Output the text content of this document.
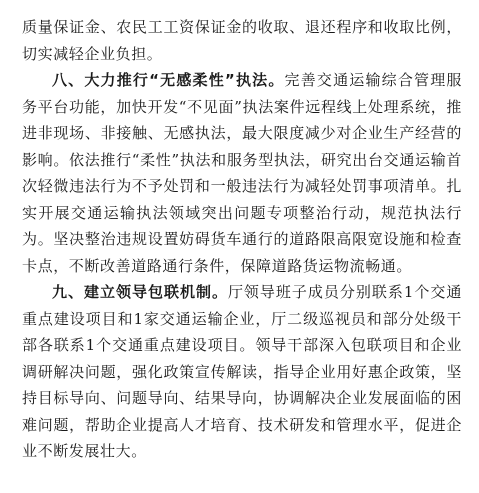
质量保证金、农民工工资保证金的收取、退还程序和收取比例，切实减轻企业负担。

八、大力推行“无感柔性”执法。完善交通运输综合管理服务平台功能，加快开发“不见面”执法案件远程线上处理系统，推进非现场、非接触、无感执法，最大限度减少对企业生产经营的影响。依法推行“柔性”执法和服务型执法，研究出台交通运输首次轻微违法行为不予处罚和一般违法行为减轻处罚事项清单。扎实开展交通运输执法领域突出问题专项整治行动，规范执法行为。坚决整治违规设置妨碍货车通行的道路限高限宽设施和检查卡点，不断改善道路通行条件，保障道路货运物流畅通。

九、建立领导包联机制。厅领导班子成员分别联系1个交通重点建设项目和1家交通运输企业，厅二级巡视员和部分处级干部各联系1个交通重点建设项目。领导干部深入包联项目和企业调研解决问题，强化政策宣传解读，指导企业用好惠企政策，坚持目标导向、问题导向、结果导向，协调解决企业发展面临的困难问题，帮助企业提高人才培育、技术研发和管理水平，促进企业不断发展壮大。
